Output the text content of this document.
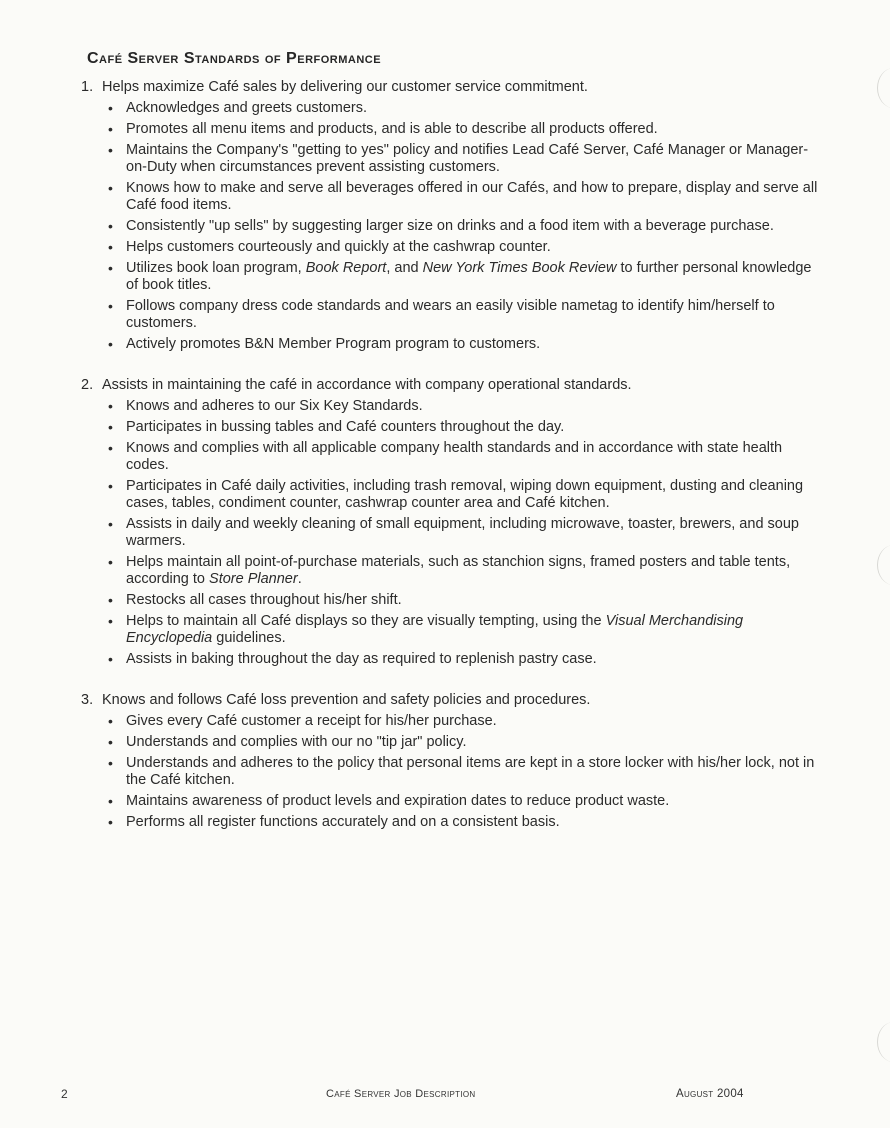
Café Server Standards of Performance
1. Helps maximize Café sales by delivering our customer service commitment.
• Acknowledges and greets customers.
• Promotes all menu items and products, and is able to describe all products offered.
• Maintains the Company's "getting to yes" policy and notifies Lead Café Server, Café Manager or Manager-on-Duty when circumstances prevent assisting customers.
• Knows how to make and serve all beverages offered in our Cafés, and how to prepare, display and serve all Café food items.
• Consistently "up sells" by suggesting larger size on drinks and a food item with a beverage purchase.
• Helps customers courteously and quickly at the cashwrap counter.
• Utilizes book loan program, Book Report, and New York Times Book Review to further personal knowledge of book titles.
• Follows company dress code standards and wears an easily visible nametag to identify him/herself to customers.
• Actively promotes B&N Member Program program to customers.
2. Assists in maintaining the café in accordance with company operational standards.
• Knows and adheres to our Six Key Standards.
• Participates in bussing tables and Café counters throughout the day.
• Knows and complies with all applicable company health standards and in accordance with state health codes.
• Participates in Café daily activities, including trash removal, wiping down equipment, dusting and cleaning cases, tables, condiment counter, cashwrap counter area and Café kitchen.
• Assists in daily and weekly cleaning of small equipment, including microwave, toaster, brewers, and soup warmers.
• Helps maintain all point-of-purchase materials, such as stanchion signs, framed posters and table tents, according to Store Planner.
• Restocks all cases throughout his/her shift.
• Helps to maintain all Café displays so they are visually tempting, using the Visual Merchandising Encyclopedia guidelines.
• Assists in baking throughout the day as required to replenish pastry case.
3. Knows and follows Café loss prevention and safety policies and procedures.
• Gives every Café customer a receipt for his/her purchase.
• Understands and complies with our no "tip jar" policy.
• Understands and adheres to the policy that personal items are kept in a store locker with his/her lock, not in the Café kitchen.
• Maintains awareness of product levels and expiration dates to reduce product waste.
• Performs all register functions accurately and on a consistent basis.
2	Café Server Job Description	August 2004
